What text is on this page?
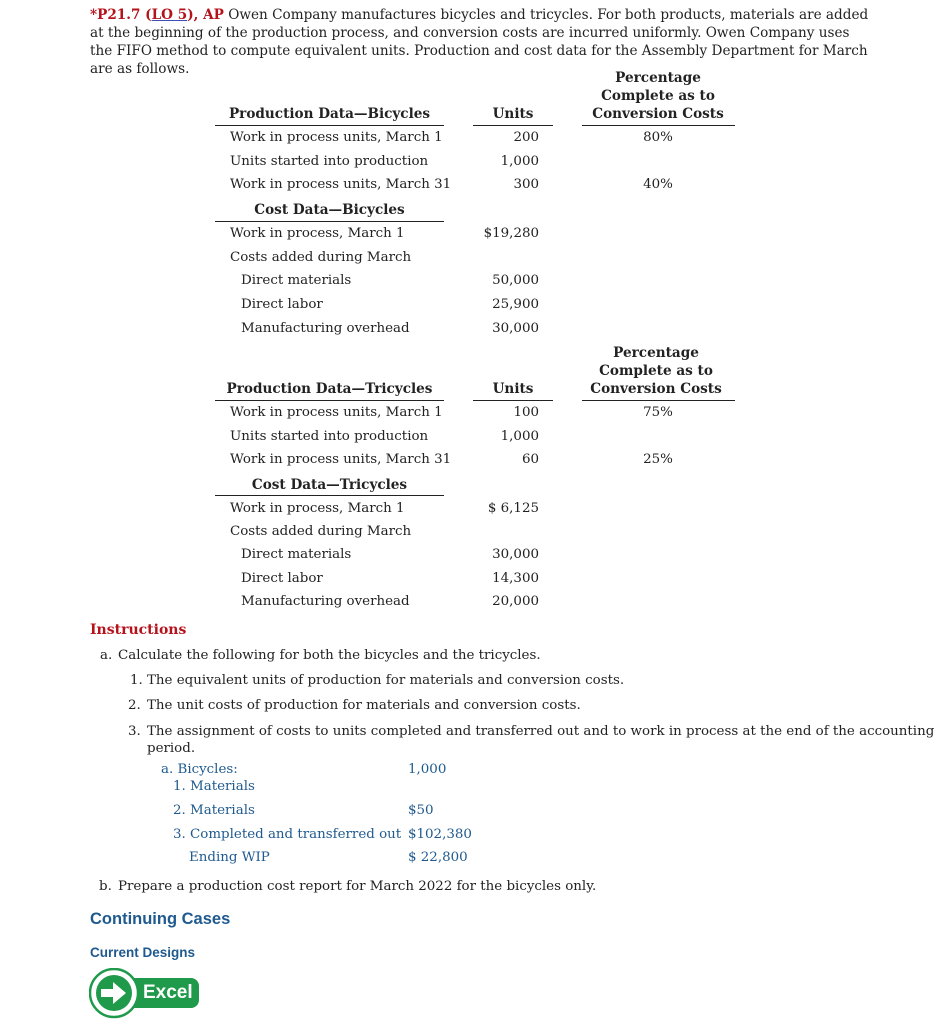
*P21.7 (LO 5), AP Owen Company manufactures bicycles and tricycles. For both products, materials are added at the beginning of the production process, and conversion costs are incurred uniformly. Owen Company uses the FIFO method to compute equivalent units. Production and cost data for the Assembly Department for March are as follows.
Percentage
Complete as to
Conversion Costs
Production Data—Bicycles	Units
Work in process units, March 1	200	80%
Units started into production	1,000
Work in process units, March 31	300	40%
Cost Data—Bicycles
Work in process, March 1	$19,280
Costs added during March
Direct materials	50,000
Direct labor	25,900
Manufacturing overhead	30,000
Percentage
Complete as to
Conversion Costs
Production Data—Tricycles	Units
Work in process units, March 1	100	75%
Units started into production	1,000
Work in process units, March 31	60	25%
Cost Data—Tricycles
Work in process, March 1	$ 6,125
Costs added during March
Direct materials	30,000
Direct labor	14,300
Manufacturing overhead	20,000
Instructions
a. Calculate the following for both the bicycles and the tricycles.
1. The equivalent units of production for materials and conversion costs.
2. The unit costs of production for materials and conversion costs.
3. The assignment of costs to units completed and transferred out and to work in process at the end of the accounting
period.
a. Bicycles:	1,000
1. Materials
2. Materials	$50
3. Completed and transferred out $102,380
Ending WIP	$ 22,800
b. Prepare a production cost report for March 2022 for the bicycles only.
Continuing Cases
Current Designs
Excel
